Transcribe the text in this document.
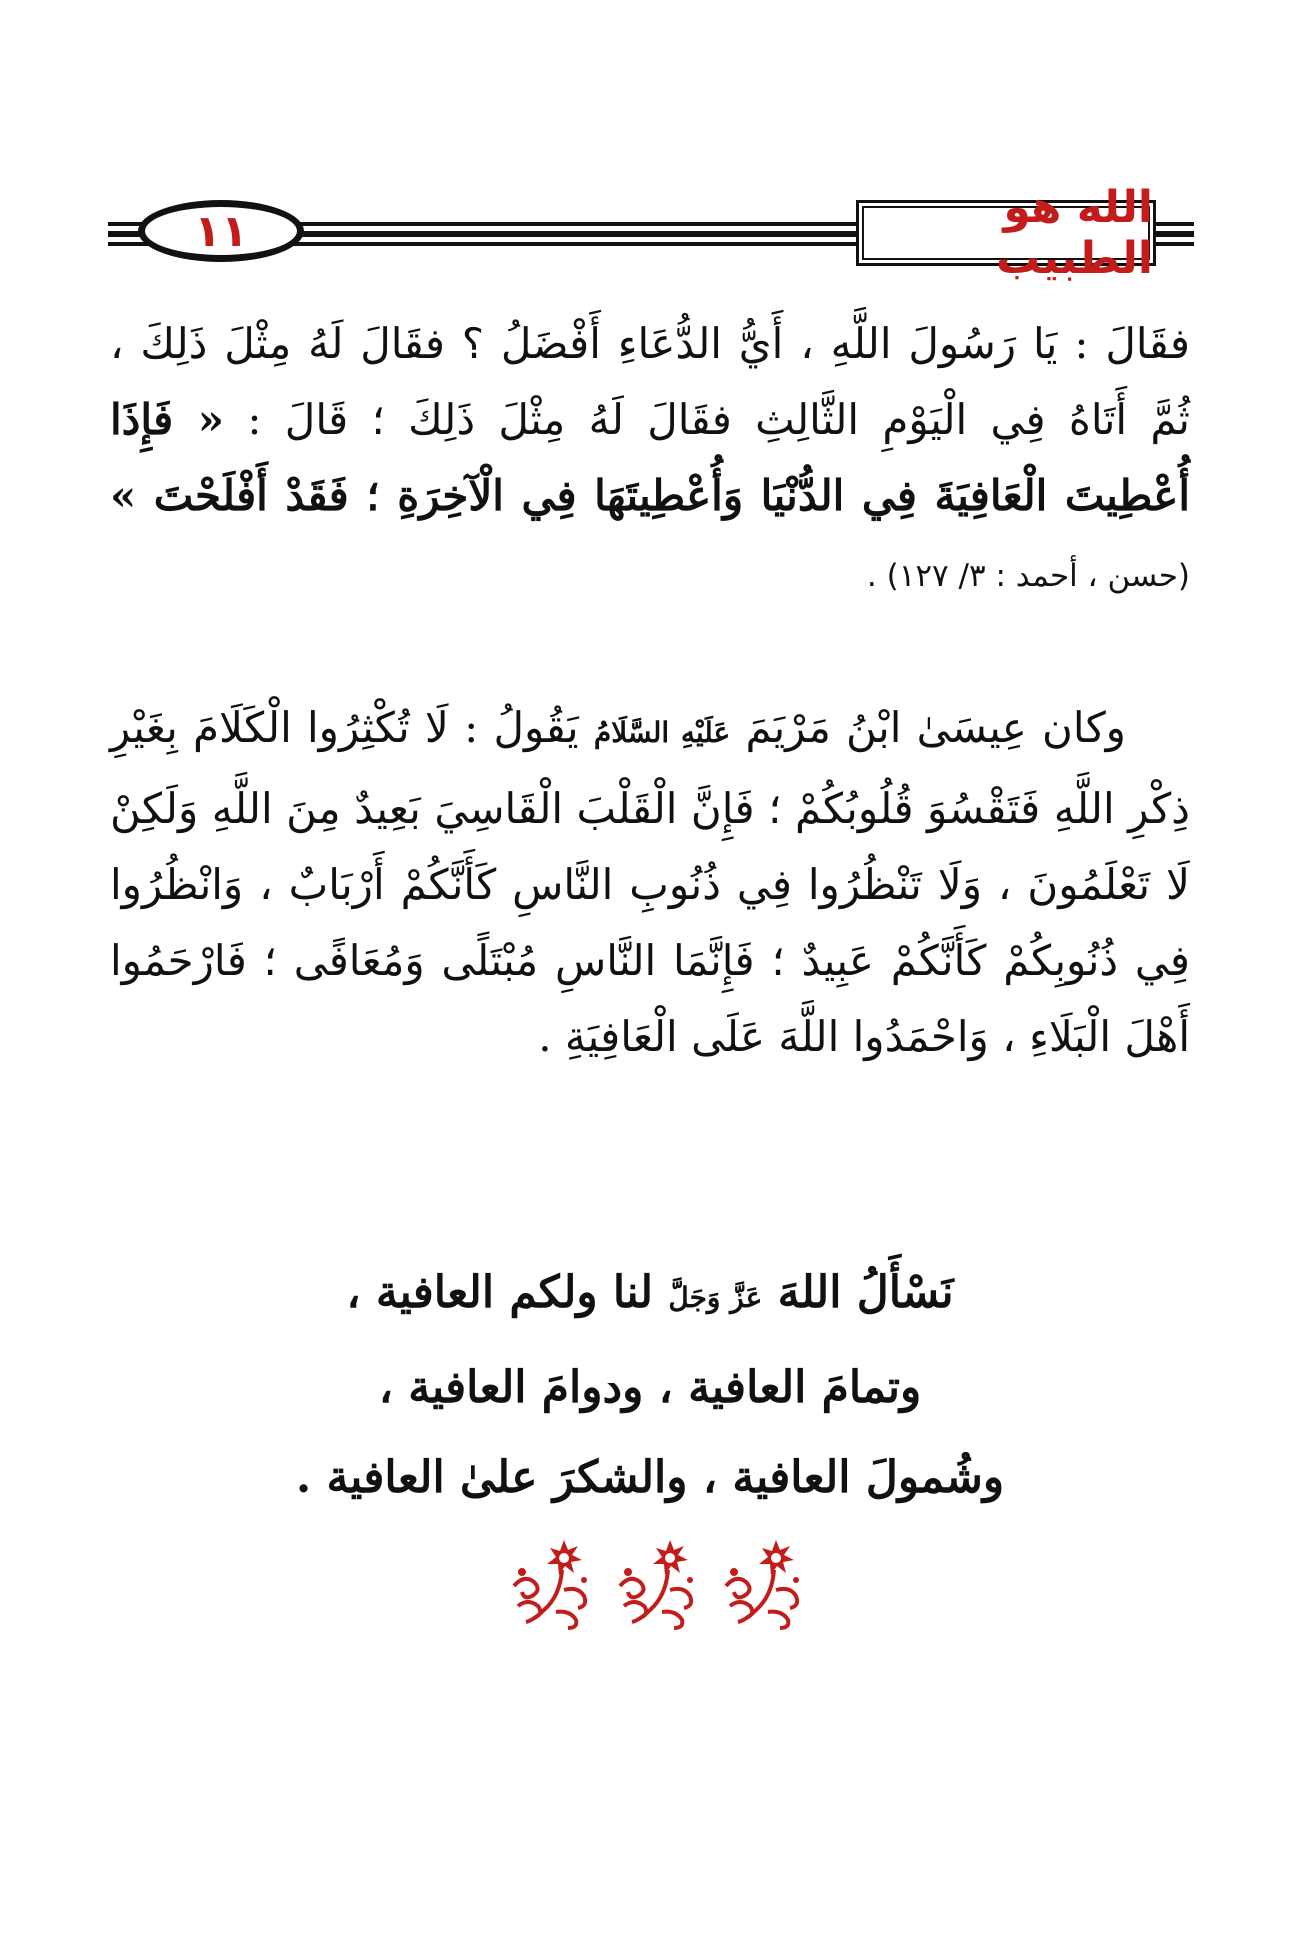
١١	الله هو الطبيب
فقَالَ : يَا رَسُولَ اللَّهِ ، أَيُّ الدُّعَاءِ أَفْضَلُ ؟ فقَالَ لَهُ مِثْلَ ذَلِكَ ، ثُمَّ أَتَاهُ فِي الْيَوْمِ الثَّالِثِ فقَالَ لَهُ مِثْلَ ذَلِكَ ؛ قَالَ : « فَإِذَا أُعْطِيتَ الْعَافِيَةَ فِي الدُّنْيَا وَأُعْطِيتَهَا فِي الْآخِرَةِ ؛ فَقَدْ أَفْلَحْتَ » (حسن ، أحمد : ٣/ ١٢٧) .
وكان عِيسَىٰ ابْنُ مَرْيَمَ عَلَيْهِ السَّلَامُ يَقُولُ : لَا تُكْثِرُوا الْكَلَامَ بِغَيْرِ ذِكْرِ اللَّهِ فَتَقْسُوَ قُلُوبُكُمْ ؛ فَإِنَّ الْقَلْبَ الْقَاسِيَ بَعِيدٌ مِنَ اللَّهِ وَلَكِنْ لَا تَعْلَمُونَ ، وَلَا تَنْظُرُوا فِي ذُنُوبِ النَّاسِ كَأَنَّكُمْ أَرْبَابٌ ، وَانْظُرُوا فِي ذُنُوبِكُمْ كَأَنَّكُمْ عَبِيدٌ ؛ فَإِنَّمَا النَّاسِ مُبْتَلًى وَمُعَافًى ؛ فَارْحَمُوا أَهْلَ الْبَلَاءِ ، وَاحْمَدُوا اللَّهَ عَلَى الْعَافِيَةِ .
نَسْأَلُ اللهَ عَزَّ وَجَلَّ لنا ولكم العافية ،
وتمامَ العافية ، ودوامَ العافية ،
وشُمولَ العافية ، والشكرَ علىٰ العافية .
